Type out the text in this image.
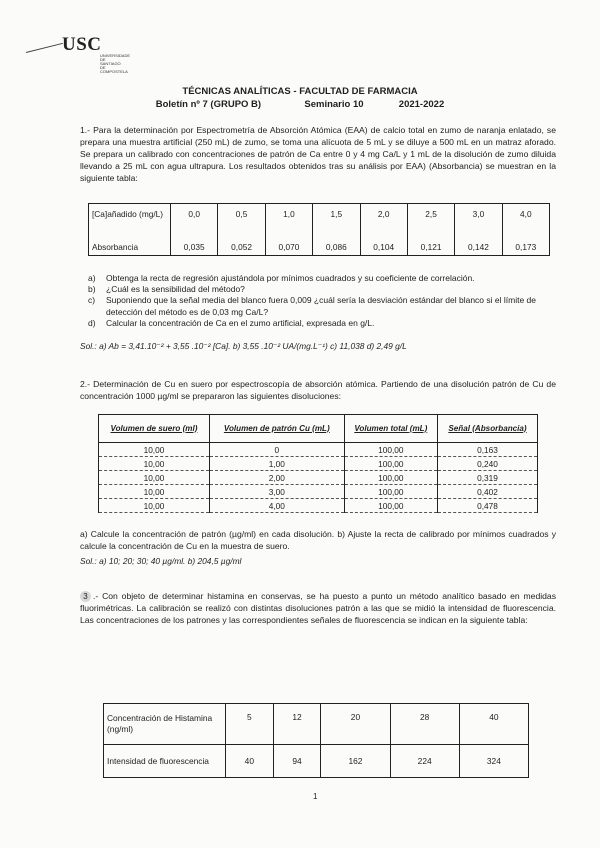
USC
UNIVERSIDADE DE SANTIAGO DE COMPOSTELA
TÉCNICAS ANALÍTICAS - FACULTAD DE FARMACIA
Boletín nº 7 (GRUPO B)	Seminario 10	2021-2022
1.- Para la determinación por Espectrometría de Absorción Atómica (EAA) de calcio total en zumo de naranja enlatado, se prepara una muestra artificial (250 mL) de zumo, se toma una alícuota de 5 mL y se diluye a 500 mL en un matraz aforado. Se prepara un calibrado con concentraciones de patrón de Ca entre 0 y 4 mg Ca/L y 1 mL de la disolución de zumo diluida llevando a 25 mL con agua ultrapura. Los resultados obtenidos tras su análisis por EAA) (Absorbancia) se muestran en la siguiente tabla:
[Ca]añadido (mg/L)	0,0	0,5	1,0	1,5	2,0	2,5	3,0	4,0

Absorbancia	0,035	0,052	0,070	0,086	0,104	0,121	0,142	0,173
a)	Obtenga la recta de regresión ajustándola por mínimos cuadrados y su coeficiente de correlación.
b)	¿Cuál es la sensibilidad del método?
c)	Suponiendo que la señal media del blanco fuera 0,009 ¿cuál sería la desviación estándar del blanco si el límite de detección del método es de 0,03 mg Ca/L?
d)	Calcular la concentración de Ca en el zumo artificial, expresada en g/L.
Sol.: a) Ab = 3,41.10⁻² + 3,55 .10⁻² [Ca]. b) 3,55 .10⁻² UA/(mg.L⁻¹) c) 11,038 d) 2,49 g/L
2.- Determinación de Cu en suero por espectroscopía de absorción atómica. Partiendo de una disolución patrón de Cu de concentración 1000 µg/ml se prepararon las siguientes disoluciones:
Volumen de suero (ml)	Volumen de patrón Cu (mL)	Volumen total (mL)	Señal (Absorbancia)
10,00	0	100,00	0,163
10,00	1,00	100,00	0,240
10,00	2,00	100,00	0,319
10,00	3,00	100,00	0,402
10,00	4,00	100,00	0,478
a) Calcule la concentración de patrón (µg/ml) en cada disolución. b) Ajuste la recta de calibrado por mínimos cuadrados y calcule la concentración de Cu en la muestra de suero.
Sol.: a) 10; 20; 30; 40 µg/ml. b) 204,5 µg/ml
3 .- Con objeto de determinar histamina en conservas, se ha puesto a punto un método analítico basado en medidas fluorimétricas. La calibración se realizó con distintas disoluciones patrón a las que se midió la intensidad de fluorescencia. Las concentraciones de los patrones y las correspondientes señales de fluorescencia se indican en la siguiente tabla:
Concentración de Histamina (ng/ml)	5	12	20	28	40
Intensidad de fluorescencia	40	94	162	224	324
1
